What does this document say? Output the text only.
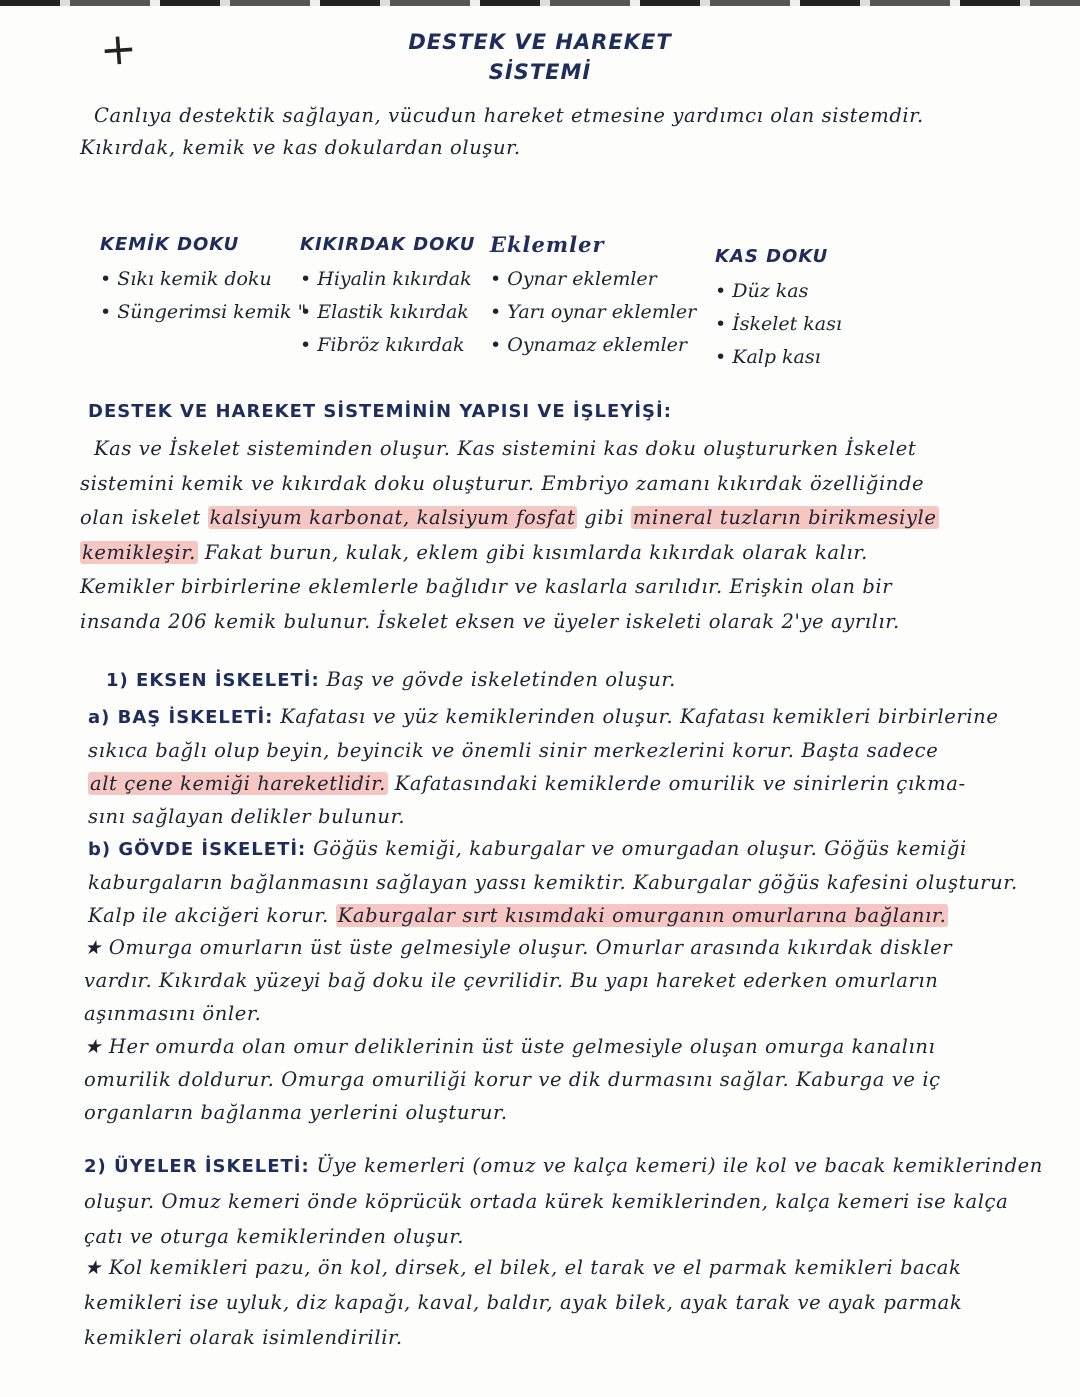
+	DESTEK VE HAREKET
SİSTEMİ
Canlıya destektik sağlayan, vücudun hareket etmesine yardımcı olan sistemdir.
Kıkırdak, kemik ve kas dokulardan oluşur.
KEMİK DOKU
• Sıkı kemik doku
• Süngerimsi kemik "
KIKIRDAK DOKU
• Hiyalin kıkırdak
• Elastik kıkırdak
• Fibröz kıkırdak
Eklemler
• Oynar eklemler
• Yarı oynar eklemler
• Oynamaz eklemler
KAS DOKU
• Düz kas
• İskelet kası
• Kalp kası
DESTEK VE HAREKET SİSTEMİNİN YAPISI VE İŞLEYİŞİ:
Kas ve İskelet sisteminden oluşur. Kas sistemini kas doku oluştururken İskelet
sistemini kemik ve kıkırdak doku oluşturur. Embriyo zamanı kıkırdak özelliğinde
olan iskelet kalsiyum karbonat, kalsiyum fosfat gibi mineral tuzların birikmesiyle
kemikleşir. Fakat burun, kulak, eklem gibi kısımlarda kıkırdak olarak kalır.
Kemikler birbirlerine eklemlerle bağlıdır ve kaslarla sarılıdır. Erişkin olan bir
insanda 206 kemik bulunur. İskelet eksen ve üyeler iskeleti olarak 2'ye ayrılır.
1) EKSEN İSKELETİ: Baş ve gövde iskeletinden oluşur.
a) BAŞ İSKELETİ: Kafatası ve yüz kemiklerinden oluşur. Kafatası kemikleri birbirlerine
sıkıca bağlı olup beyin, beyincik ve önemli sinir merkezlerini korur. Başta sadece
alt çene kemiği hareketlidir. Kafatasındaki kemiklerde omurilik ve sinirlerin çıkma-
sını sağlayan delikler bulunur.
b) GÖVDE İSKELETİ: Göğüs kemiği, kaburgalar ve omurgadan oluşur. Göğüs kemiği
kaburgaların bağlanmasını sağlayan yassı kemiktir. Kaburgalar göğüs kafesini oluşturur.
Kalp ile akciğeri korur. Kaburgalar sırt kısımdaki omurganın omurlarına bağlanır.
★ Omurga omurların üst üste gelmesiyle oluşur. Omurlar arasında kıkırdak diskler
vardır. Kıkırdak yüzeyi bağ doku ile çevrilidir. Bu yapı hareket ederken omurların
aşınmasını önler.
★ Her omurda olan omur deliklerinin üst üste gelmesiyle oluşan omurga kanalını
omurilik doldurur. Omurga omuriliği korur ve dik durmasını sağlar. Kaburga ve iç
organların bağlanma yerlerini oluşturur.
2) ÜYELER İSKELETİ: Üye kemerleri (omuz ve kalça kemeri) ile kol ve bacak kemiklerinden
oluşur. Omuz kemeri önde köprücük ortada kürek kemiklerinden, kalça kemeri ise kalça
çatı ve oturga kemiklerinden oluşur.
★ Kol kemikleri pazu, ön kol, dirsek, el bilek, el tarak ve el parmak kemikleri bacak
kemikleri ise uyluk, diz kapağı, kaval, baldır, ayak bilek, ayak tarak ve ayak parmak
kemikleri olarak isimlendirilir.
